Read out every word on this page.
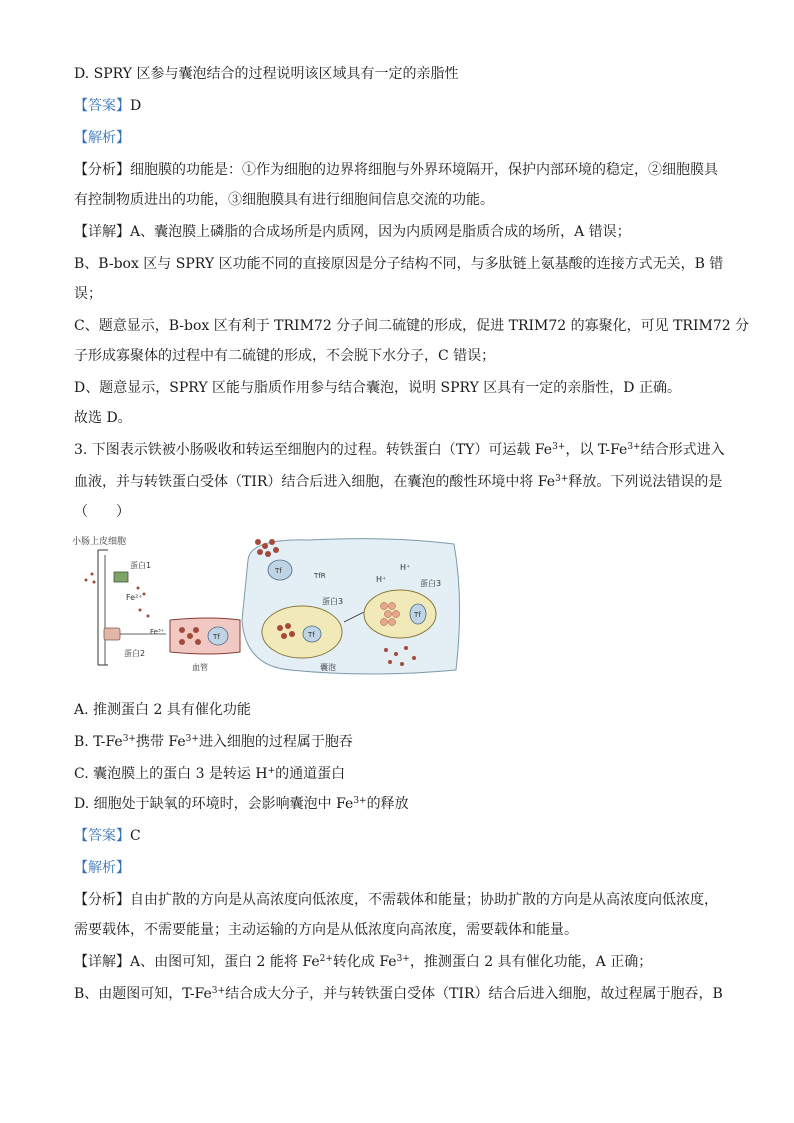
D. SPRY 区参与囊泡结合的过程说明该区域具有一定的亲脂性
【答案】D
【解析】
【分析】细胞膜的功能是：①作为细胞的边界将细胞与外界环境隔开，保护内部环境的稳定，②细胞膜具
有控制物质进出的功能，③细胞膜具有进行细胞间信息交流的功能。
【详解】A、囊泡膜上磷脂的合成场所是内质网，因为内质网是脂质合成的场所，A 错误；
B、B-box 区与 SPRY 区功能不同的直接原因是分子结构不同，与多肽链上氨基酸的连接方式无关，B 错
误；
C、题意显示，B-box 区有利于 TRIM72 分子间二硫键的形成，促进 TRIM72 的寡聚化，可见 TRIM72 分
子形成寡聚体的过程中有二硫键的形成，不会脱下水分子，C 错误；
D、题意显示，SPRY 区能与脂质作用参与结合囊泡，说明 SPRY 区具有一定的亲脂性，D 正确。
故选 D。
3. 下图表示铁被小肠吸收和转运至细胞内的过程。转铁蛋白（TY）可运载 $Fe^{3+}$，以 $T-Fe^{3+}$结合形式进入
血液，并与转铁蛋白受体（TIR）结合后进入细胞，在囊泡的酸性环境中将 $Fe^{3+}$释放。下列说法错误的是
（　　）
小肠上皮细胞
蛋白1
Fe²⁺
蛋白2
Fe³⁺
Tf
血管
Tf
TfR
Tf
蛋白3
囊泡
Tf
H⁺
H⁺
蛋白3
A. 推测蛋白 2 具有催化功能
B. $T-Fe^{3+}$携带 $Fe^{3+}$进入细胞的过程属于胞吞
C. 囊泡膜上的蛋白 3 是转运 H+的通道蛋白
D. 细胞处于缺氧的环境时，会影响囊泡中 $Fe^{3+}$的释放
【答案】C
【解析】
【分析】自由扩散的方向是从高浓度向低浓度，不需载体和能量；协助扩散的方向是从高浓度向低浓度，
需要载体，不需要能量；主动运输的方向是从低浓度向高浓度，需要载体和能量。
【详解】A、由图可知，蛋白 2 能将 $Fe^{2+}$转化成 $Fe^{3+}$，推测蛋白 2 具有催化功能，A 正确；
B、由题图可知，$T-Fe^{3+}$结合成大分子，并与转铁蛋白受体（TIR）结合后进入细胞，故过程属于胞吞，B
